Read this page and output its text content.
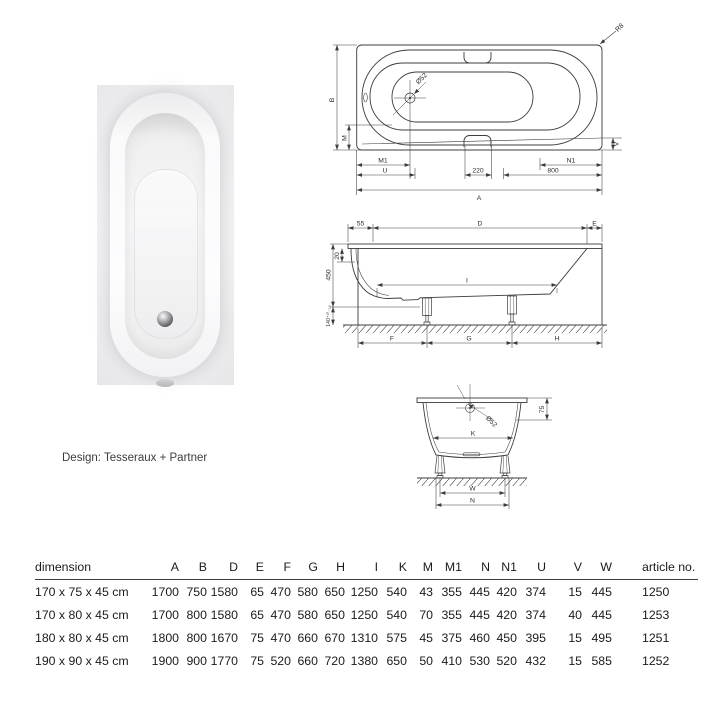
Design: Tesseraux + Partner
B
M
M1
U	220
N1
800
V
A
Ø52
R8
55	D	E
450
20
140⁺¹⁰₋₁₀
I
F	G	H
75
Ø52
K
W
N
dimension	A	B	D	E	F	G	H	I	K	M	M1	N	N1	U	V	W	article no.
170 x 75 x 45 cm	1700	750	1580	65	470	580	650	1250	540	43	355	445	420	374	15	445	1250
170 x 80 x 45 cm	1700	800	1580	65	470	580	650	1250	540	70	355	445	420	374	40	445	1253
180 x 80 x 45 cm	1800	800	1670	75	470	660	670	1310	575	45	375	460	450	395	15	495	1251
190 x 90 x 45 cm	1900	900	1770	75	520	660	720	1380	650	50	410	530	520	432	15	585	1252
